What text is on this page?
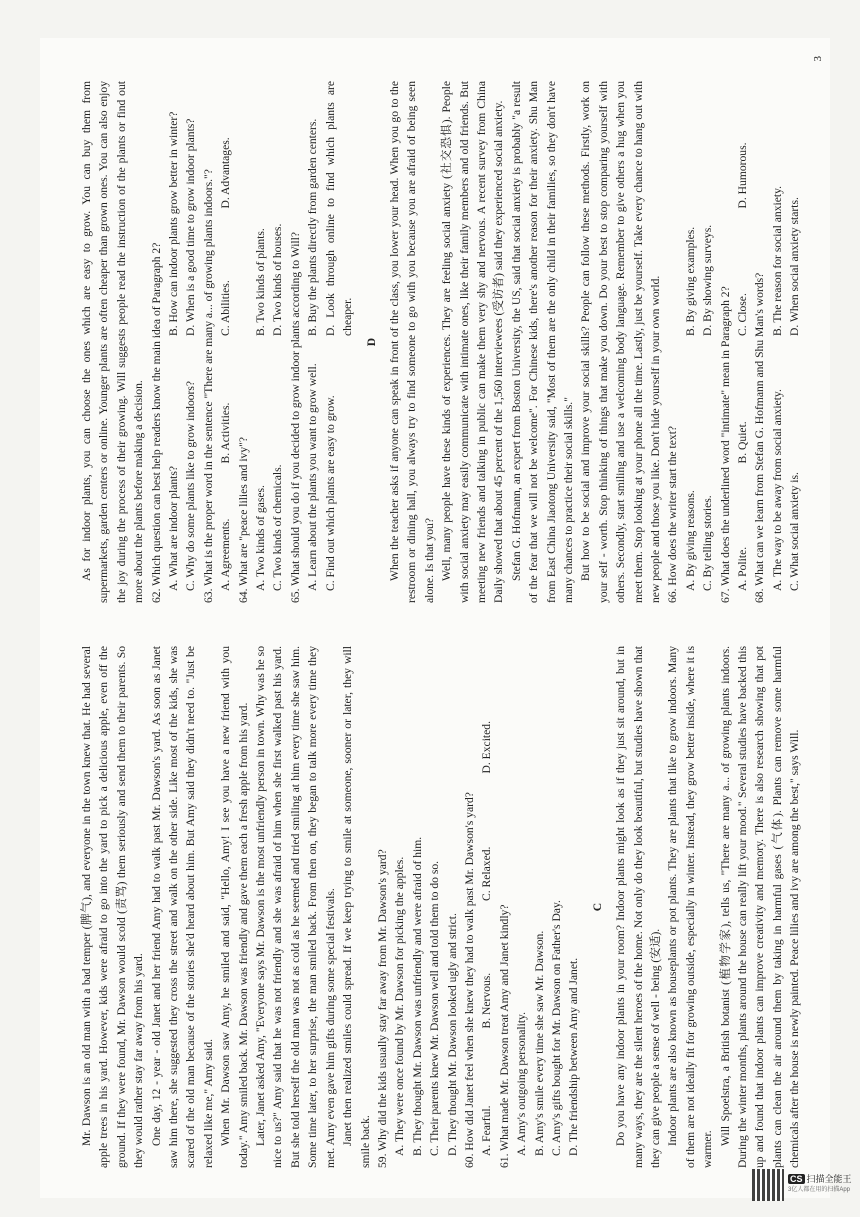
Mr. Dawson is an old man with a bad temper (脾气), and everyone in the town knew that. He had several apple trees in his yard. However, kids were afraid to go into the yard to pick a delicious apple, even off the ground. If they were found, Mr. Dawson would scold (责骂) them seriously and send them to their parents. So they would rather stay far away from his yard. One day, 12 - year - old Janet and her friend Amy had to walk past Mr. Dawson's yard. As soon as Janet saw him there, she suggested they cross the street and walk on the other side. Like most of the kids, she was scared of the old man because of the stories she'd heard about him. But Amy said they didn't need to. "Just be relaxed like me," Amy said. When Mr. Dawson saw Amy, he smiled and said, "Hello, Amy! I see you have a new friend with you today." Amy smiled back. Mr. Dawson was friendly and gave them each a fresh apple from his yard. Later, Janet asked Amy, "Everyone says Mr. Dawson is the most unfriendly person in town. Why was he so nice to us?" Amy said that he was not friendly and she was afraid of him when she first walked past his yard. But she told herself the old man was not as cold as he seemed and tried smiling at him every time she saw him. Some time later, to her surprise, the man smiled back. From then on, they began to talk more every time they met. Amy even gave him gifts during some special festivals. Janet then realized smiles could spread. If we keep trying to smile at someone, sooner or later, they will smile back. 59. Why did the kids usually stay far away from Mr. Dawson's yard? A. They were once found by Mr. Dawson for picking the apples. B. They thought Mr. Dawson was unfriendly and were afraid of him. C. Their parents knew Mr. Dawson well and told them to do so. D. They thought Mr. Dawson looked ugly and strict. 60. How did Janet feel when she knew they had to walk past Mr. Dawson's yard? A. Fearful.
B. Nervous.
C. Relaxed.
D. Excited.
61. What made Mr. Dawson treat Amy and Janet kindly? A. Amy's outgoing personality. B. Amy's smile every time she saw Mr. Dawson. C. Amy's gifts bought for Mr. Dawson on Father's Day. D. The friendship between Amy and Janet.
C Do you have any indoor plants in your room? Indoor plants might look as if they just sit around, but in many ways, they are the silent heroes of the home. Not only do they look beautiful, but studies have shown that they can give people a sense of well - being (安适). Indoor plants are also known as houseplants or pot plants. They are plants that like to grow indoors. Many of them are not ideally fit for growing outside, especially in winter. Instead, they grow better inside, where it is warmer.

Will Spoelstra, a British botanist (植物学家), tells us, "There are many a... of growing plants indoors. During the winter months, plants around the house can really lift your mood." Several studies have backed this up and found that indoor plants can improve creativity and memory. There is also research showing that pot plants can clean the air around them by taking in harmful gases (气体). Plants can remove some harmful chemicals after the house is newly painted. Peace lilies and ivy are among the best," says Will.

As for indoor plants, you can choose the ones which are easy to grow. You can buy them from supermarkets, garden centers or online. Younger plants are often cheaper than grown ones. You can also enjoy the joy during the process of their growing. Will suggests people read the instruction of the plants or find out more about the plants before making a decision. 62. Which question can best help readers know the main idea of Paragraph 2? A. What are indoor plants?
B. How can indoor plants grow better in winter?
C. Why do some plants like to grow indoors?
D. When is a good time to grow indoor plants? 63. What is the proper word in the sentence "There are many a... of growing plants indoors."? A. Agreements.
B. Activities.
C. Abilities.
D. Advantages.
64. What are "peace lilies and ivy"? A. Two kinds of gases.
B. Two kinds of plants.
C. Two kinds of chemicals.
D. Two kinds of houses. 65. What should you do if you decided to grow indoor plants according to Will? A. Learn about the plants you want to grow well.
B. Buy the plants directly from garden centers.
C. Find out which plants are easy to grow.
D. Look through online to find which plants are cheaper.
D When the teacher asks if anyone can speak in front of the class, you lower your head. When you go to the restroom or dining hall, you always try to find someone to go with you because you are afraid of being seen alone. Is that you? Well, many people have these kinds of experiences. They are feeling social anxiety (社交恐惧). People with social anxiety may easily communicate with intimate ones, like their family members and old friends. But meeting new friends and talking in public can make them very shy and nervous. A recent survey from China Daily showed that about 45 percent of the 1,560 interviewees (受访者) said they experienced social anxiety. Stefan G. Hofmann, an expert from Boston University, the US, said that social anxiety is probably "a result of the fear that we will not be welcome". For Chinese kids, there's another reason for their anxiety. Shu Man from East China Jiaotong University said, "Most of them are the only child in their families, so they don't have many chances to practice their social skills." But how to be social and improve your social skills? People can follow these methods. Firstly, work on your self - worth. Stop thinking of things that make you down. Do your best to stop comparing yourself with others. Secondly, start smiling and use a welcoming body language. Remember to give others a hug when you meet them. Stop looking at your phone all the time. Lastly, just be yourself. Take every chance to hang out with new people and those you like. Don't hide yourself in your own world. 66. How does the writer start the text? A. By giving reasons.
B. By giving examples.
C. By telling stories.
D. By showing surveys.
67. What does the underlined word "intimate" mean in Paragraph 2? A. Polite.
B. Quiet.
C. Close.
D. Humorous.
68. What can we learn from Stefan G. Hofmann and Shu Man's words? A. The way to be away from social anxiety.
B. The reason for social anxiety.
C. What social anxiety is.
D. When social anxiety starts.
3
CS 扫描全能王
3亿人都在用的扫描App
